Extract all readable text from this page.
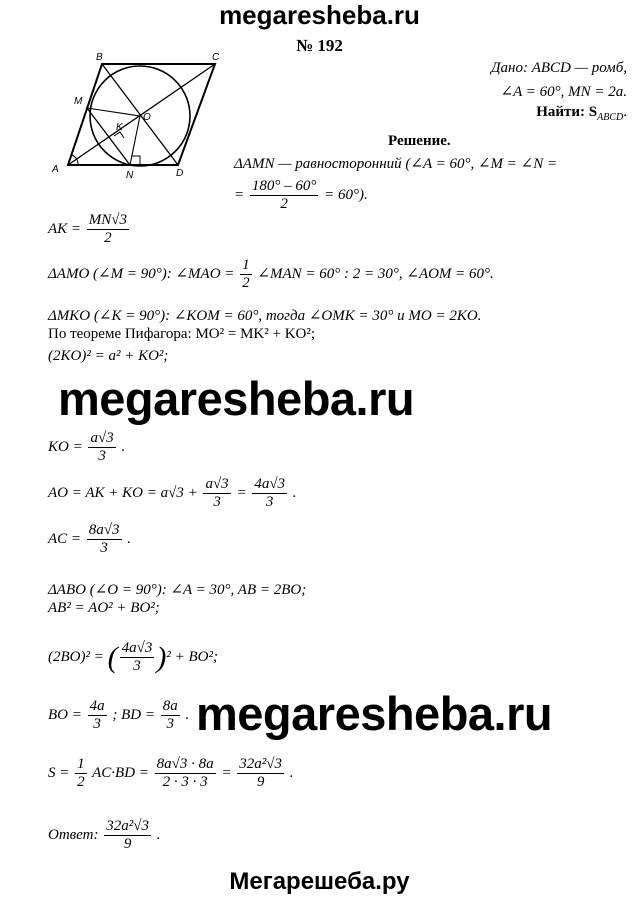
megaresheba.ru
№ 192
B	C
M
O
K
A
N	D
Дано: ABCD — ромб,
∠A = 60°, MN = 2a.
Найти: $S_{ABCD}$.
Решение.
ΔAMN — равносторонний (∠A = 60°, ∠M = ∠N =
= $\frac{180^\circ - 60^\circ}{2} = 60^\circ$).
AK = $\frac{MN√3}{2}$
ΔAMO (∠M = 90°): ∠MAO = $\frac{1}{2}$ ∠MAN = 60° : 2 = 30°, ∠AOM = 60°.
ΔMKO (∠K = 90°): ∠KOM = 60°, тогда ∠OMK = 30° и MO = 2KO.
По теореме Пифагора: MO² = MK² + KO²;
(2KO)² = a² + KO²;
megaresheba.ru
KO = $\frac{a√3}{3}$ .
AO = AK + KO = $a√3 + \frac{a√3}{3} = \frac{4a√3}{3}$ .
AC = $\frac{8a√3}{3}$ .
ΔABO (∠O = 90°): ∠A = 30°, AB = 2BO;
AB² = AO² + BO²;
(2BO)² = ( $\frac{4a√3}{3} )^2 + BO^2$;
BO = $\frac{4a}{3}$ ; BD = $\frac{8a}{3}$ . megaresheba.ru
$S = \frac{1}{2} AC\cdot BD = \frac{8a√3 \cdot 8a}{2 \cdot 3 \cdot 3} = \frac{\text{32a²√3}}{9}$ .
Ответ: $\frac{\text{32a²√3}}{9}$ .
Мегарешеба.ру
